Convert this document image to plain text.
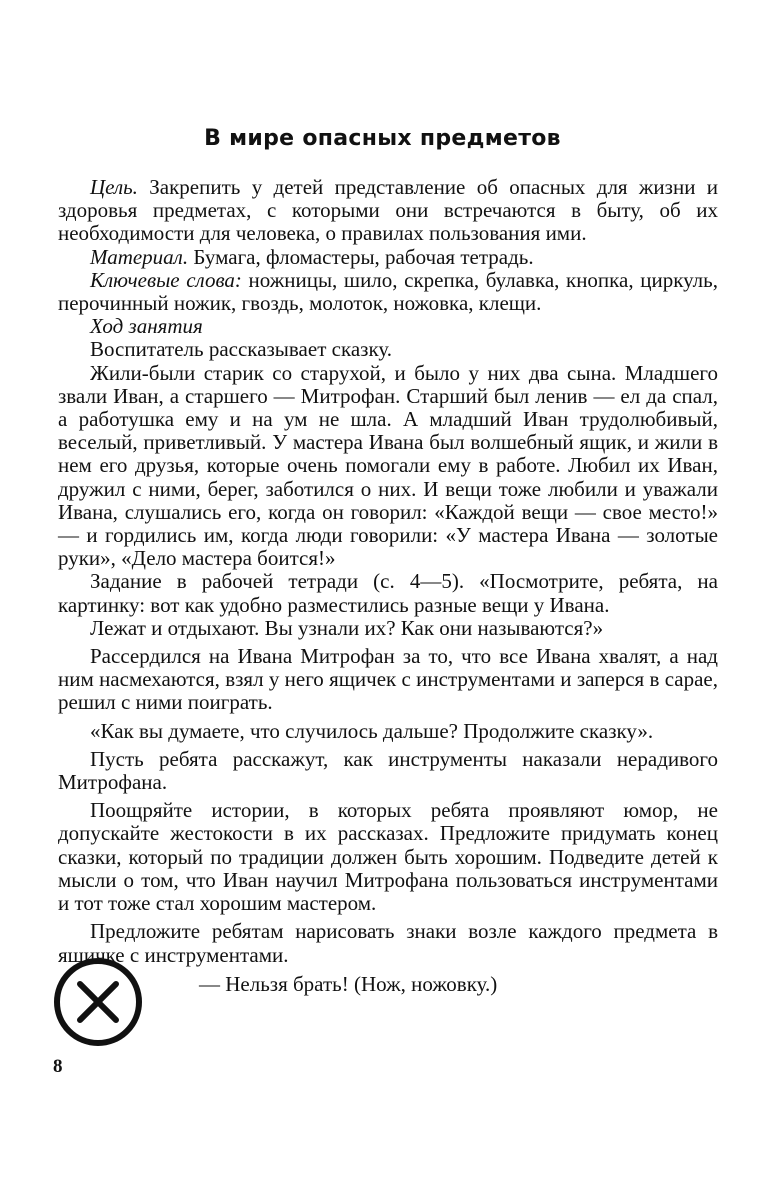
В мире опасных предметов

Цель. Закрепить у детей представление об опасных для жизни и здоровья предметах, с которыми они встречаются в быту, об их необходимости для человека, о правилах пользования ими.

Материал. Бумага, фломастеры, рабочая тетрадь.

Ключевые слова: ножницы, шило, скрепка, булавка, кнопка, циркуль, перочинный ножик, гвоздь, молоток, ножовка, клещи.

Ход занятия

Воспитатель рассказывает сказку.

Жили-были старик со старухой, и было у них два сына. Младшего звали Иван, а старшего — Митрофан. Старший был ленив — ел да спал, а работушка ему и на ум не шла. А младший Иван трудолюбивый, веселый, приветливый. У мастера Ивана был волшебный ящик, и жили в нем его друзья, которые очень помогали ему в работе. Любил их Иван, дружил с ними, берег, заботился о них. И вещи тоже любили и уважали Ивана, слушались его, когда он говорил: «Каждой вещи — свое место!» — и гордились им, когда люди говорили: «У мастера Ивана — золотые руки», «Дело мастера боится!»

Задание в рабочей тетради (с. 4—5). «Посмотрите, ребята, на картинку: вот как удобно разместились разные вещи у Ивана.

Лежат и отдыхают. Вы узнали их? Как они называются?»

Рассердился на Ивана Митрофан за то, что все Ивана хвалят, а над ним насмехаются, взял у него ящичек с инструментами и заперся в сарае, решил с ними поиграть.

«Как вы думаете, что случилось дальше? Продолжите сказку».

Пусть ребята расскажут, как инструменты наказали нерадивого Митрофана.

Поощряйте истории, в которых ребята проявляют юмор, не допускайте жестокости в их рассказах. Предложите придумать конец сказки, который по традиции должен быть хорошим. Подведите детей к мысли о том, что Иван научил Митрофана пользоваться инструментами и тот тоже стал хорошим мастером.

Предложите ребятам нарисовать знаки возле каждого предмета в ящичке с инструментами.

— Нельзя брать! (Нож, ножовку.)
8
